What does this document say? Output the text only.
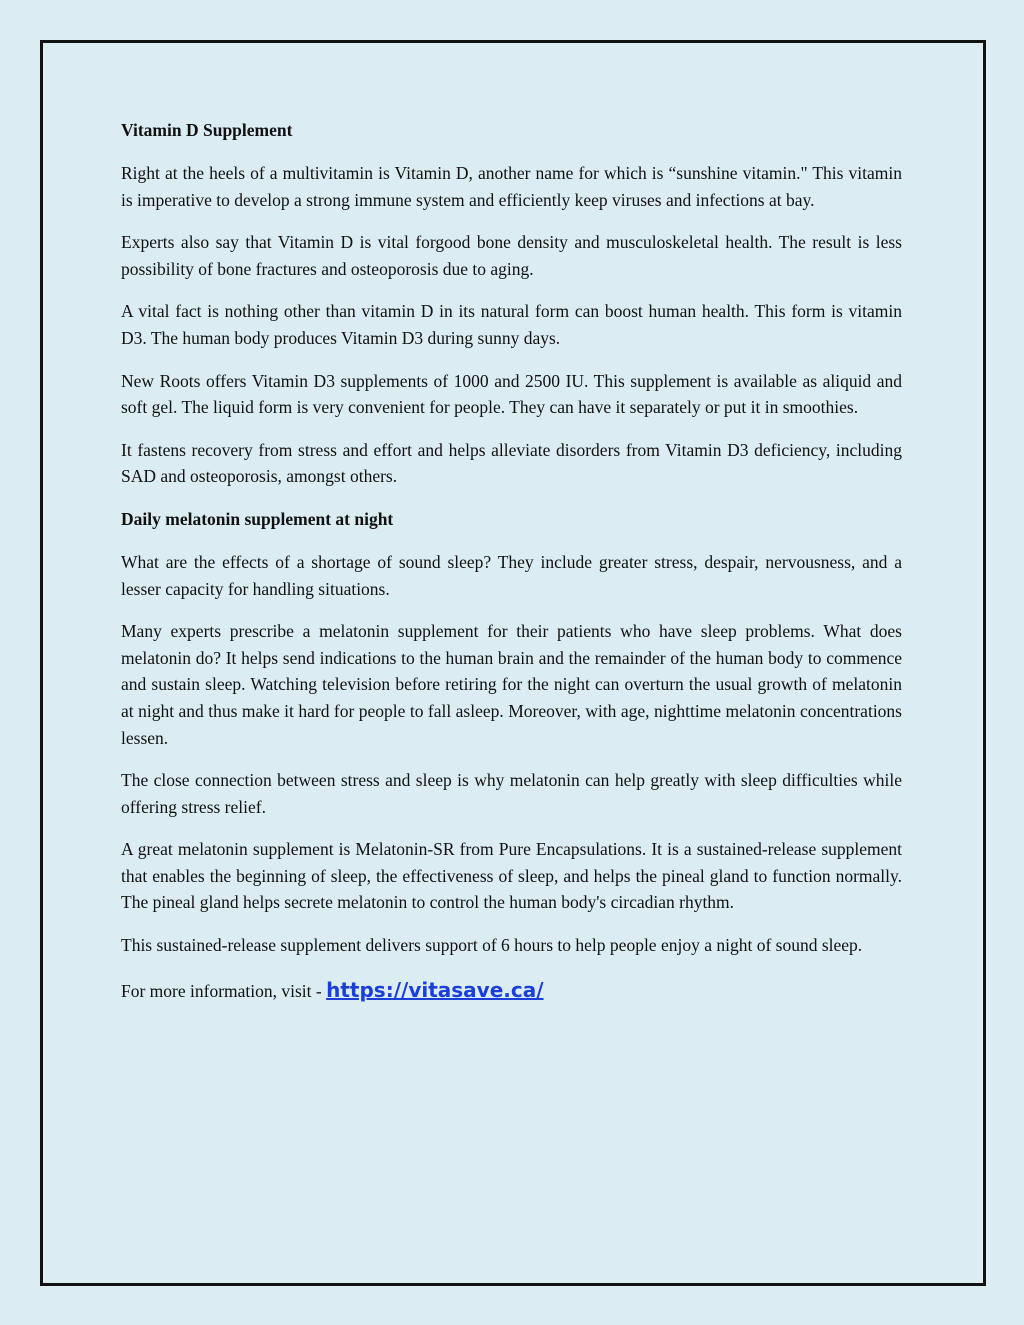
Vitamin D Supplement

Right at the heels of a multivitamin is Vitamin D, another name for which is “sunshine vitamin." This vitamin is imperative to develop a strong immune system and efficiently keep viruses and infections at bay.

Experts also say that Vitamin D is vital forgood bone density and musculoskeletal health. The result is less possibility of bone fractures and osteoporosis due to aging.

A vital fact is nothing other than vitamin D in its natural form can boost human health. This form is vitamin D3. The human body produces Vitamin D3 during sunny days.

New Roots offers Vitamin D3 supplements of 1000 and 2500 IU. This supplement is available as aliquid and soft gel. The liquid form is very convenient for people. They can have it separately or put it in smoothies.

It fastens recovery from stress and effort and helps alleviate disorders from Vitamin D3 deficiency, including SAD and osteoporosis, amongst others.

Daily melatonin supplement at night

What are the effects of a shortage of sound sleep? They include greater stress, despair, nervousness, and a lesser capacity for handling situations.

Many experts prescribe a melatonin supplement for their patients who have sleep problems. What does melatonin do? It helps send indications to the human brain and the remainder of the human body to commence and sustain sleep. Watching television before retiring for the night can overturn the usual growth of melatonin at night and thus make it hard for people to fall asleep. Moreover, with age, nighttime melatonin concentrations lessen.

The close connection between stress and sleep is why melatonin can help greatly with sleep difficulties while offering stress relief.

A great melatonin supplement is Melatonin-SR from Pure Encapsulations. It is a sustained-release supplement that enables the beginning of sleep, the effectiveness of sleep, and helps the pineal gland to function normally. The pineal gland helps secrete melatonin to control the human body's circadian rhythm.

This sustained-release supplement delivers support of 6 hours to help people enjoy a night of sound sleep.

For more information, visit - https://vitasave.ca/
